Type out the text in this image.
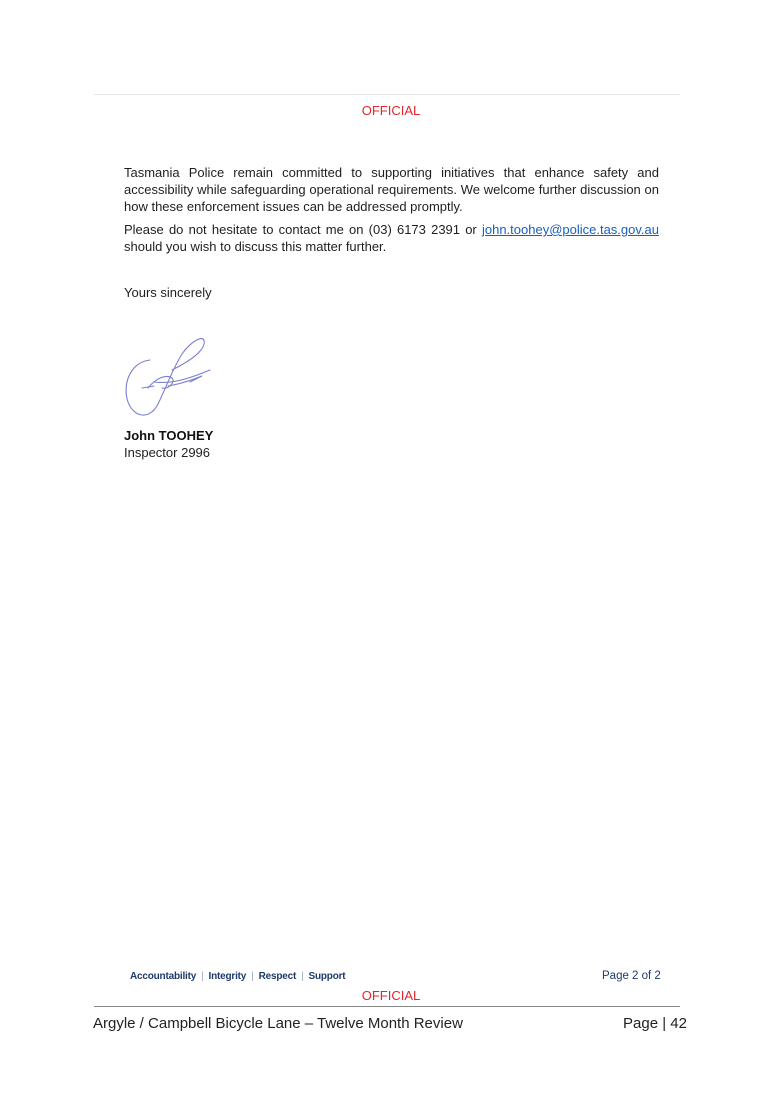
OFFICIAL
Tasmania Police remain committed to supporting initiatives that enhance safety and accessibility while safeguarding operational requirements. We welcome further discussion on how these enforcement issues can be addressed promptly.
Please do not hesitate to contact me on (03) 6173 2391 or john.toohey@police.tas.gov.au should you wish to discuss this matter further.
Yours sincerely
John TOOHEY
Inspector 2996
Accountability | Integrity | Respect | Support	Page 2 of 2
OFFICIAL
Argyle / Campbell Bicycle Lane – Twelve Month Review	Page | 42
